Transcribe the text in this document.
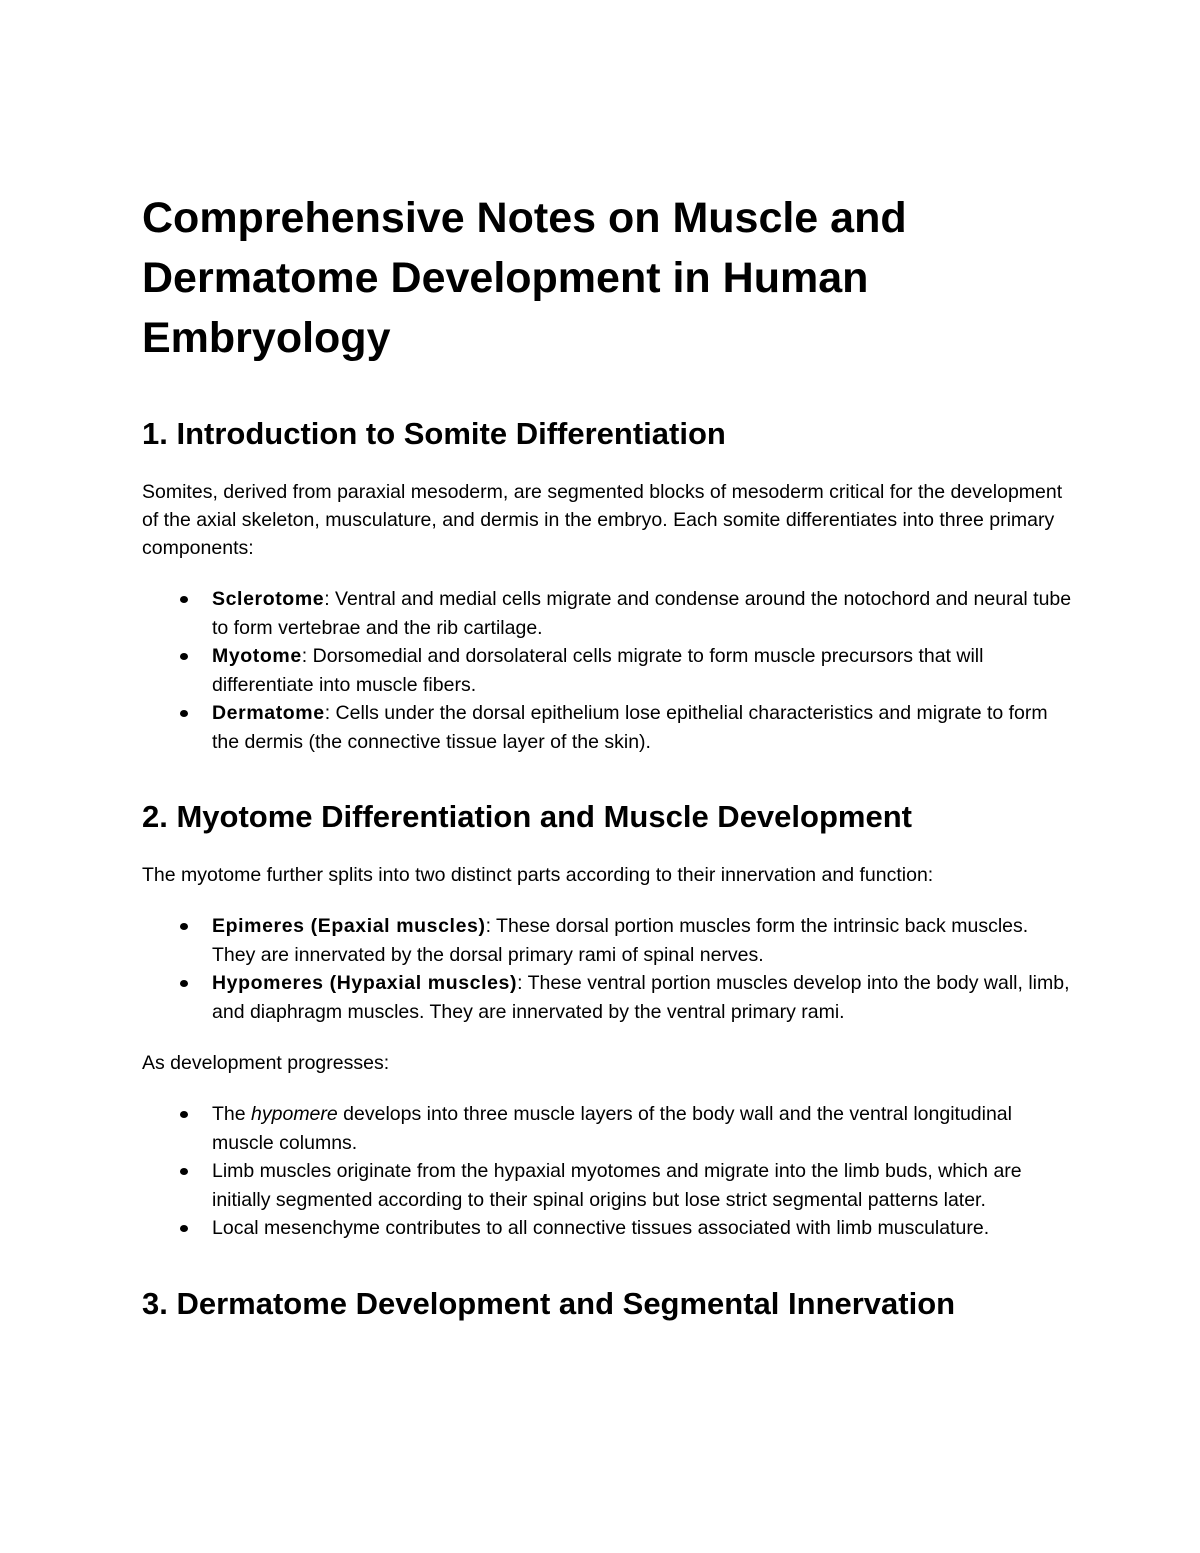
Comprehensive Notes on Muscle and Dermatome Development in Human Embryology
1. Introduction to Somite Differentiation

Somites, derived from paraxial mesoderm, are segmented blocks of mesoderm critical for the development of the axial skeleton, musculature, and dermis in the embryo. Each somite differentiates into three primary components:

Sclerotome: Ventral and medial cells migrate and condense around the notochord and neural tube to form vertebrae and the rib cartilage.
Myotome: Dorsomedial and dorsolateral cells migrate to form muscle precursors that will differentiate into muscle fibers.
Dermatome: Cells under the dorsal epithelium lose epithelial characteristics and migrate to form the dermis (the connective tissue layer of the skin).
2. Myotome Differentiation and Muscle Development

The myotome further splits into two distinct parts according to their innervation and function:

Epimeres (Epaxial muscles): These dorsal portion muscles form the intrinsic back muscles. They are innervated by the dorsal primary rami of spinal nerves.
Hypomeres (Hypaxial muscles): These ventral portion muscles develop into the body wall, limb, and diaphragm muscles. They are innervated by the ventral primary rami.

As development progresses:

The hypomere develops into three muscle layers of the body wall and the ventral longitudinal muscle columns.
Limb muscles originate from the hypaxial myotomes and migrate into the limb buds, which are initially segmented according to their spinal origins but lose strict segmental patterns later.
Local mesenchyme contributes to all connective tissues associated with limb musculature.
3. Dermatome Development and Segmental Innervation
